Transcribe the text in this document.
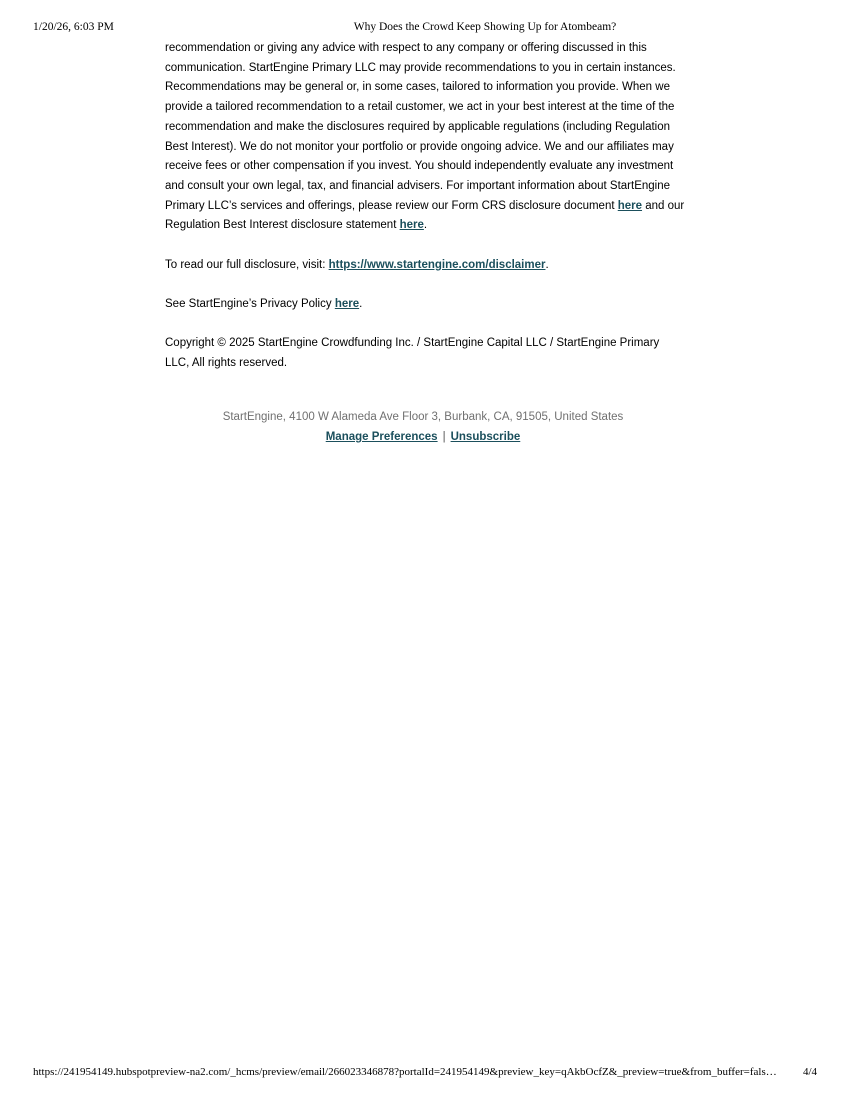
1/20/26, 6:03 PM	Why Does the Crowd Keep Showing Up for Atombeam?

recommendation or giving any advice with respect to any company or offering discussed in this communication. StartEngine Primary LLC may provide recommendations to you in certain instances. Recommendations may be general or, in some cases, tailored to information you provide. When we provide a tailored recommendation to a retail customer, we act in your best interest at the time of the recommendation and make the disclosures required by applicable regulations (including Regulation Best Interest). We do not monitor your portfolio or provide ongoing advice. We and our affiliates may receive fees or other compensation if you invest. You should independently evaluate any investment and consult your own legal, tax, and financial advisers. For important information about StartEngine Primary LLC’s services and offerings, please review our Form CRS disclosure document here and our Regulation Best Interest disclosure statement here.

To read our full disclosure, visit: https://www.startengine.com/disclaimer.

See StartEngine’s Privacy Policy here.

Copyright © 2025 StartEngine Crowdfunding Inc. / StartEngine Capital LLC / StartEngine Primary LLC, All rights reserved.

StartEngine, 4100 W Alameda Ave Floor 3, Burbank, CA, 91505, United States
Manage Preferences | Unsubscribe
https://241954149.hubspotpreview-na2.com/_hcms/preview/email/266023346878?portalId=241954149&preview_key=qAkbOcfZ&_preview=true&from_buffer=fals…	4/4
